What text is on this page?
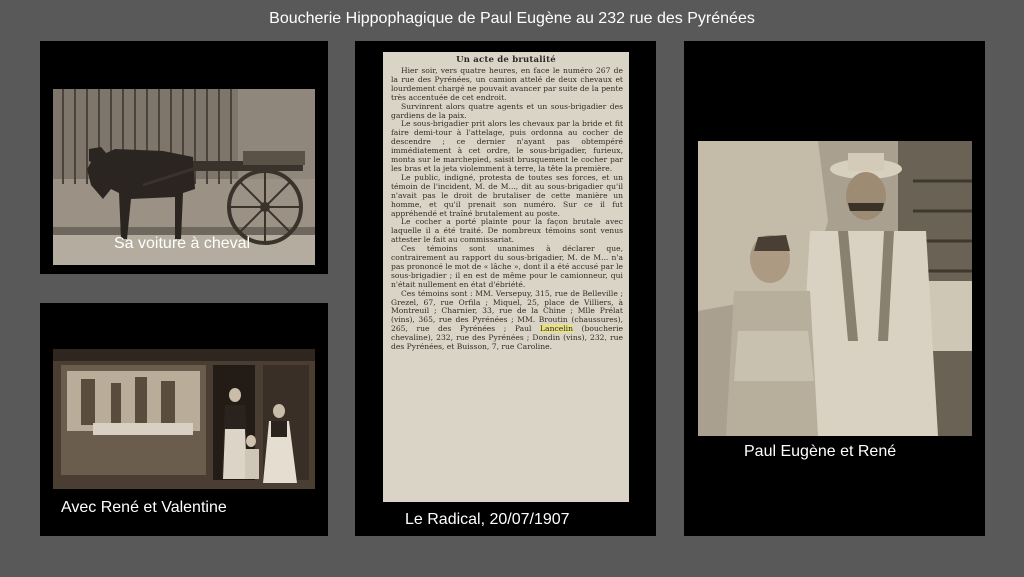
Boucherie Hippophagique de Paul Eugène au 232 rue des Pyrénées
Sa voiture à cheval
Avec René et Valentine
Un acte de brutalité

Hier soir, vers quatre heures, en face le numéro 267 de la rue des Pyrénées, un camion attelé de deux chevaux et lourdement chargé ne pouvait avancer par suite de la pente très accentuée de cet endroit.

Survinrent alors quatre agents et un sous-brigadier des gardiens de la paix.

Le sous-brigadier prit alors les chevaux par la bride et fit faire demi-tour à l'attelage, puis ordonna au cocher de descendre ; ce dernier n'ayant pas obtempéré immédiatement à cet ordre, le sous-brigadier, furieux, monta sur le marchepied, saisit brusquement le cocher par les bras et la jeta violemment à terre, la tête la première.

Le public, indigné, protesta de toutes ses forces, et un témoin de l'incident, M. de M..., dit au sous-brigadier qu'il n'avait pas le droit de brutaliser de cette manière un homme, et qu'il prenait son numéro. Sur ce il fut appréhendé et traîné brutalement au poste.

Le cocher a porté plainte pour la façon brutale avec laquelle il a été traité. De nombreux témoins sont venus attester le fait au commissariat.

Ces témoins sont unanimes à déclarer que, contrairement au rapport du sous-brigadier, M. de M... n'a pas prononcé le mot de « lâche », dont il a été accusé par le sous-brigadier ; il en est de même pour le camionneur, qui n'était nullement en état d'ébriété.

Ces témoins sont : MM. Versepuy, 315, rue de Belleville ; Grezel, 67, rue Orfila ; Miquel, 25, place de Villiers, à Montreuil ; Charnier, 33, rue de la Chine ; Mlle Prélat (vins), 365, rue des Pyrénées ; MM. Broutin (chaussures), 265, rue des Pyrénées ; Paul Lancelin (boucherie chevaline), 232, rue des Pyrénées ; Dondin (vins), 232, rue des Pyrénées, et Buisson, 7, rue Caroline.

Le Radical, 20/07/1907
Paul Eugène et René
